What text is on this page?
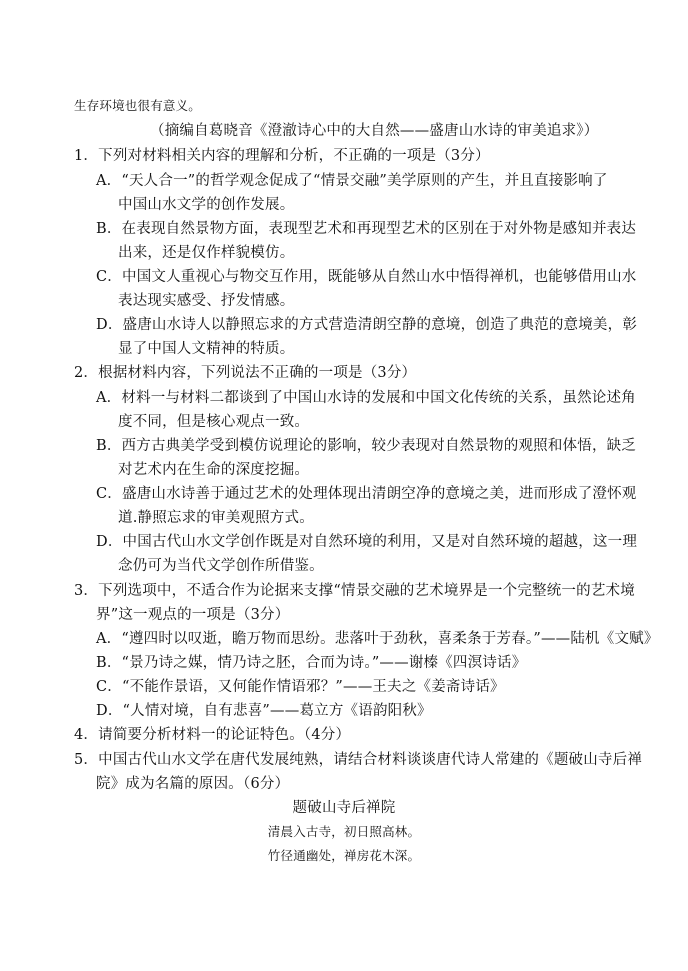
生存环境也很有意义。
（摘编自葛晓音《澄澈诗心中的大自然——盛唐山水诗的审美追求》）
1．下列对材料相关内容的理解和分析，不正确的一项是（3分）
A．“天人合一”的哲学观念促成了“情景交融”美学原则的产生，并且直接影响了
中国山水文学的创作发展。
B．在表现自然景物方面，表现型艺术和再现型艺术的区别在于对外物是感知并表达
出来，还是仅作样貌模仿。
C．中国文人重视心与物交互作用，既能够从自然山水中悟得禅机，也能够借用山水
表达现实感受、抒发情感。
D．盛唐山水诗人以静照忘求的方式营造清朗空静的意境，创造了典范的意境美，彰
显了中国人文精神的特质。
2．根据材料内容，下列说法不正确的一项是（3分）
A．材料一与材料二都谈到了中国山水诗的发展和中国文化传统的关系，虽然论述角
度不同，但是核心观点一致。
B．西方古典美学受到模仿说理论的影响，较少表现对自然景物的观照和体悟，缺乏
对艺术内在生命的深度挖掘。
C．盛唐山水诗善于通过艺术的处理体现出清朗空净的意境之美，进而形成了澄怀观
道.静照忘求的审美观照方式。
D．中国古代山水文学创作既是对自然环境的利用，又是对自然环境的超越，这一理
念仍可为当代文学创作所借鉴。
3．下列选项中，不适合作为论据来支撑“情景交融的艺术境界是一个完整统一的艺术境
界”这一观点的一项是（3分）
A．“遵四时以叹逝，瞻万物而思纷。悲落叶于劲秋，喜柔条于芳春。”——陆机《文赋》
B．“景乃诗之媒，情乃诗之胚，合而为诗。”——谢榛《四溟诗话》
C．“不能作景语，又何能作情语邪？”——王夫之《姜斋诗话》
D．“人情对境，自有悲喜”——葛立方《语韵阳秋》
4．请简要分析材料一的论证特色。（4分）
5．中国古代山水文学在唐代发展纯熟，请结合材料谈谈唐代诗人常建的《题破山寺后禅
院》成为名篇的原因。（6分）
题破山寺后禅院
清晨入古寺，初日照高林。
竹径通幽处，禅房花木深。
